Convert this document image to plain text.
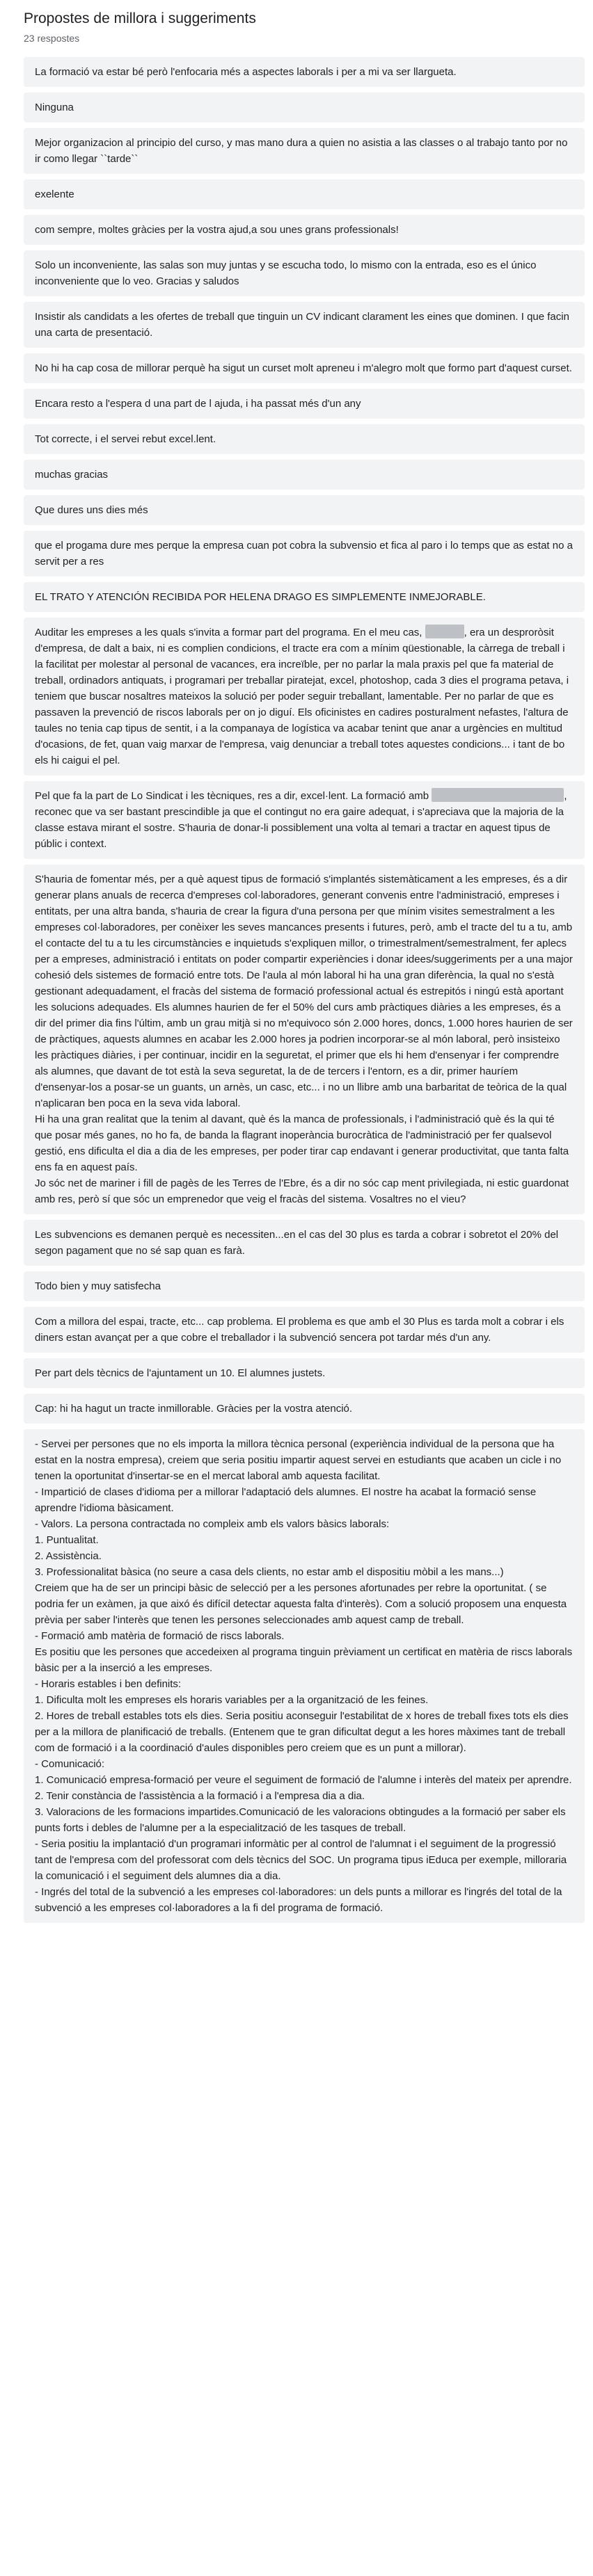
Propostes de millora i suggeriments
23 respostes
La formació va estar bé però l'enfocaria més a aspectes laborals i per a mi va ser llargueta.
Ninguna
Mejor organizacion al principio del curso, y mas mano dura a quien no asistia a las classes o al trabajo tanto por no ir como llegar ``tarde``
exelente
com sempre, moltes gràcies per la vostra ajud,a sou unes grans professionals!
Solo un inconveniente, las salas son muy juntas y se escucha todo, lo mismo con la entrada, eso es el único inconveniente que lo veo. Gracias y saludos
Insistir als candidats a les ofertes de treball que tinguin un CV indicant clarament les eines que dominen. I que facin una carta de presentació.
No hi ha cap cosa de millorar perquè ha sigut un curset molt apreneu i m'alegro molt que formo part d'aquest curset.
Encara resto a l'espera d una part de l ajuda, i ha passat més d'un any
Tot correcte, i el servei rebut excel.lent.
muchas gracias
Que dures uns dies més
que el progama dure mes perque la empresa cuan pot cobra la subvensio et fica al paro i lo temps que as estat no a servit per a res
EL TRATO Y ATENCIÓN RECIBIDA POR HELENA DRAGO ES SIMPLEMENTE INMEJORABLE.
Auditar les empreses a les quals s'invita a formar part del programa. En el meu cas,	, era un desproròsit d'empresa, de dalt a baix, ni es complien condicions, el tracte era com a mínim qüestionable, la càrrega de treball i la facilitat per molestar al personal de vacances, era increïble, per no parlar la mala praxis pel que fa material de treball, ordinadors antiquats, i programari per treballar piratejat, excel, photoshop, cada 3 dies el programa petava, i teniem que buscar nosaltres mateixos la solució per poder seguir treballant, lamentable. Per no parlar de que es passaven la prevenció de riscos laborals per on jo diguí. Els oficinistes en cadires posturalment nefastes, l'altura de taules no tenia cap tipus de sentit, i a la companaya de logística va acabar tenint que anar a urgències en multitud d'ocasions, de fet, quan vaig marxar de l'empresa, vaig denunciar a treball totes aquestes condicions... i tant de bo els hi caigui el pel.
Pel que fa la part de Lo Sindicat i les tècniques, res a dir, excel·lent. La formació amb	, reconec que va ser bastant prescindible ja que el contingut no era gaire adequat, i s'apreciava que la majoria de la classe estava mirant el sostre. S'hauria de donar-li possiblement una volta al temari a tractar en aquest tipus de públic i context.
S'hauria de fomentar més, per a què aquest tipus de formació s'implantés sistemàticament a les empreses, és a dir generar plans anuals de recerca d'empreses col·laboradores, generant convenis entre l'administració, empreses i entitats, per una altra banda, s'hauria de crear la figura d'una persona per que mínim visites semestralment a les empreses col·laboradores, per conèixer les seves mancances presents i futures, però, amb el tracte del tu a tu, amb el contacte del tu a tu les circumstàncies e inquietuds s'expliquen millor, o trimestralment/semestralment, fer aplecs per a empreses, administració i entitats on poder compartir experiències i donar idees/suggeriments per a una major cohesió dels sistemes de formació entre tots. De l'aula al món laboral hi ha una gran diferència, la qual no s'està gestionant adequadament, el fracàs del sistema de formació professional actual és estrepitós i ningú està aportant les solucions adequades. Els alumnes haurien de fer el 50% del curs amb pràctiques diàries a les empreses, és a dir del primer dia fins l'últim, amb un grau mitjà si no m'equivoco són 2.000 hores, doncs, 1.000 hores haurien de ser de pràctiques, aquests alumnes en acabar les 2.000 hores ja podrien incorporar-se al món laboral, però insisteixo les pràctiques diàries, i per continuar, incidir en la seguretat, el primer que els hi hem d'ensenyar i fer comprendre als alumnes, que davant de tot està la seva seguretat, la de de tercers i l'entorn, es a dir, primer hauríem d'ensenyar-los a posar-se un guants, un arnès, un casc, etc... i no un llibre amb una barbaritat de teòrica de la qual n'aplicaran ben poca en la seva vida laboral.
Hi ha una gran realitat que la tenim al davant, què és la manca de professionals, i l'administració què és la qui té que posar més ganes, no ho fa, de banda la flagrant inoperància burocràtica de l'administració per fer qualsevol gestió, ens dificulta el dia a dia de les empreses, per poder tirar cap endavant i generar productivitat, que tanta falta ens fa en aquest país.
Jo sóc net de mariner i fill de pagès de les Terres de l'Ebre, és a dir no sóc cap ment privilegiada, ni estic guardonat amb res, però sí que sóc un emprenedor que veig el fracàs del sistema. Vosaltres no el vieu?
Les subvencions es demanen perquè es necessiten...en el cas del 30 plus es tarda a cobrar i sobretot el 20% del segon pagament que no sé sap quan es farà.
Todo bien y muy satisfecha
Com a millora del espai, tracte, etc... cap problema. El problema es que amb el 30 Plus es tarda molt a cobrar i els diners estan avançat per a que cobre el treballador i la subvenció sencera pot tardar més d'un any.
Per part dels tècnics de l'ajuntament un 10. El alumnes justets.
Cap: hi ha hagut un tracte inmillorable. Gràcies per la vostra atenció.
- Servei per persones que no els importa la millora tècnica personal (experiència individual de la persona que ha estat en la nostra empresa), creiem que seria positiu impartir aquest servei en estudiants que acaben un cicle i no tenen la oportunitat d'insertar-se en el mercat laboral amb aquesta facilitat.
- Impartició de clases d'idioma per a millorar l'adaptació dels alumnes. El nostre ha acabat la formació sense aprendre l'idioma bàsicament.
- Valors. La persona contractada no compleix amb els valors bàsics laborals:
1. Puntualitat.
2. Assistència.
3. Professionalitat bàsica (no seure a casa dels clients, no estar amb el dispositiu mòbil a les mans...)
Creiem que ha de ser un principi bàsic de selecció per a les persones afortunades per rebre la oportunitat. ( se podria fer un exàmen, ja que aixó és difícil detectar aquesta falta d'interès). Com a solució proposem una enquesta prèvia per saber l'interès que tenen les persones seleccionades amb aquest camp de treball.
- Formació amb matèria de formació de riscs laborals.
Es positiu que les persones que accedeixen al programa tinguin prèviament un certificat en matèria de riscs laborals bàsic per a la inserció a les empreses.
- Horaris estables i ben definits:
1. Dificulta molt les empreses els horaris variables per a la organització de les feines.
2. Hores de treball estables tots els dies. Seria positiu aconseguir l'estabilitat de x hores de treball fixes tots els dies per a la millora de planificació de treballs. (Entenem que te gran dificultat degut a les hores màximes tant de treball com de formació i a la coordinació d'aules disponibles pero creiem que es un punt a millorar).
- Comunicació:
1. Comunicació empresa-formació per veure el seguiment de formació de l'alumne i interès del mateix per aprendre.
2. Tenir constància de l'assistència a la formació i a l'empresa dia a dia.
3. Valoracions de les formacions impartides.Comunicació de les valoracions obtingudes a la formació per saber els punts forts i debles de l'alumne per a la especialització de les tasques de treball.
- Seria positiu la implantació d'un programari informàtic per al control de l'alumnat i el seguiment de la progressió tant de l'empresa com del professorat com dels tècnics del SOC. Un programa tipus iEduca per exemple, milloraria la comunicació i el seguiment dels alumnes dia a dia.
- Ingrés del total de la subvenció a les empreses col·laboradores: un dels punts a millorar es l'ingrés del total de la subvenció a les empreses col·laboradores a la fi del programa de formació.
